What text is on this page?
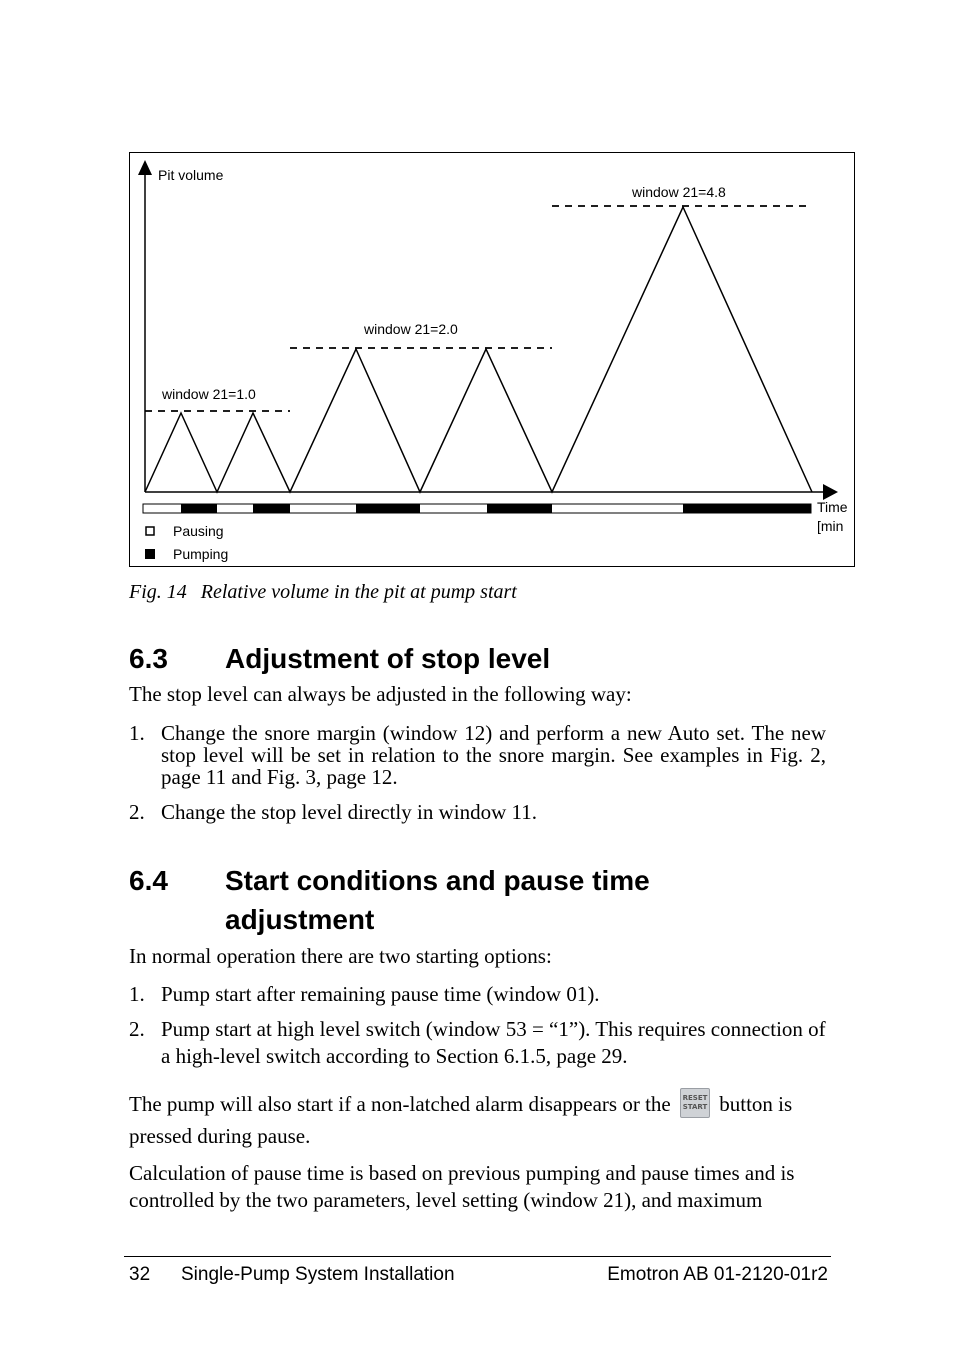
Pit volume
window 21=1.0
window 21=2.0
window 21=4.8
Time
[min
Pausing
Pumping
Fig. 14 Relative volume in the pit at pump start
6.3 Adjustment of stop level

The stop level can always be adjusted in the following way:

1. Change the snore margin (window 12) and perform a new Auto set. The new stop level will be set in relation to the snore margin. See examples in Fig. 2, page 11 and Fig. 3, page 12.
2. Change the stop level directly in window 11.
6.4 Start conditions and pause time
adjustment

In normal operation there are two starting options:

1. Pump start after remaining pause time (window 01).
2. Pump start at high level switch (window 53 = “1”). This requires connection of a high-level switch according to Section 6.1.5, page 29.

The pump will also start if a non-latched alarm disappears or the RESET
START button is
pressed during pause.

Calculation of pause time is based on previous pumping and pause times and is controlled by the two parameters, level setting (window 21), and maximum

32 Single-Pump System Installation	Emotron AB 01-2120-01r2
